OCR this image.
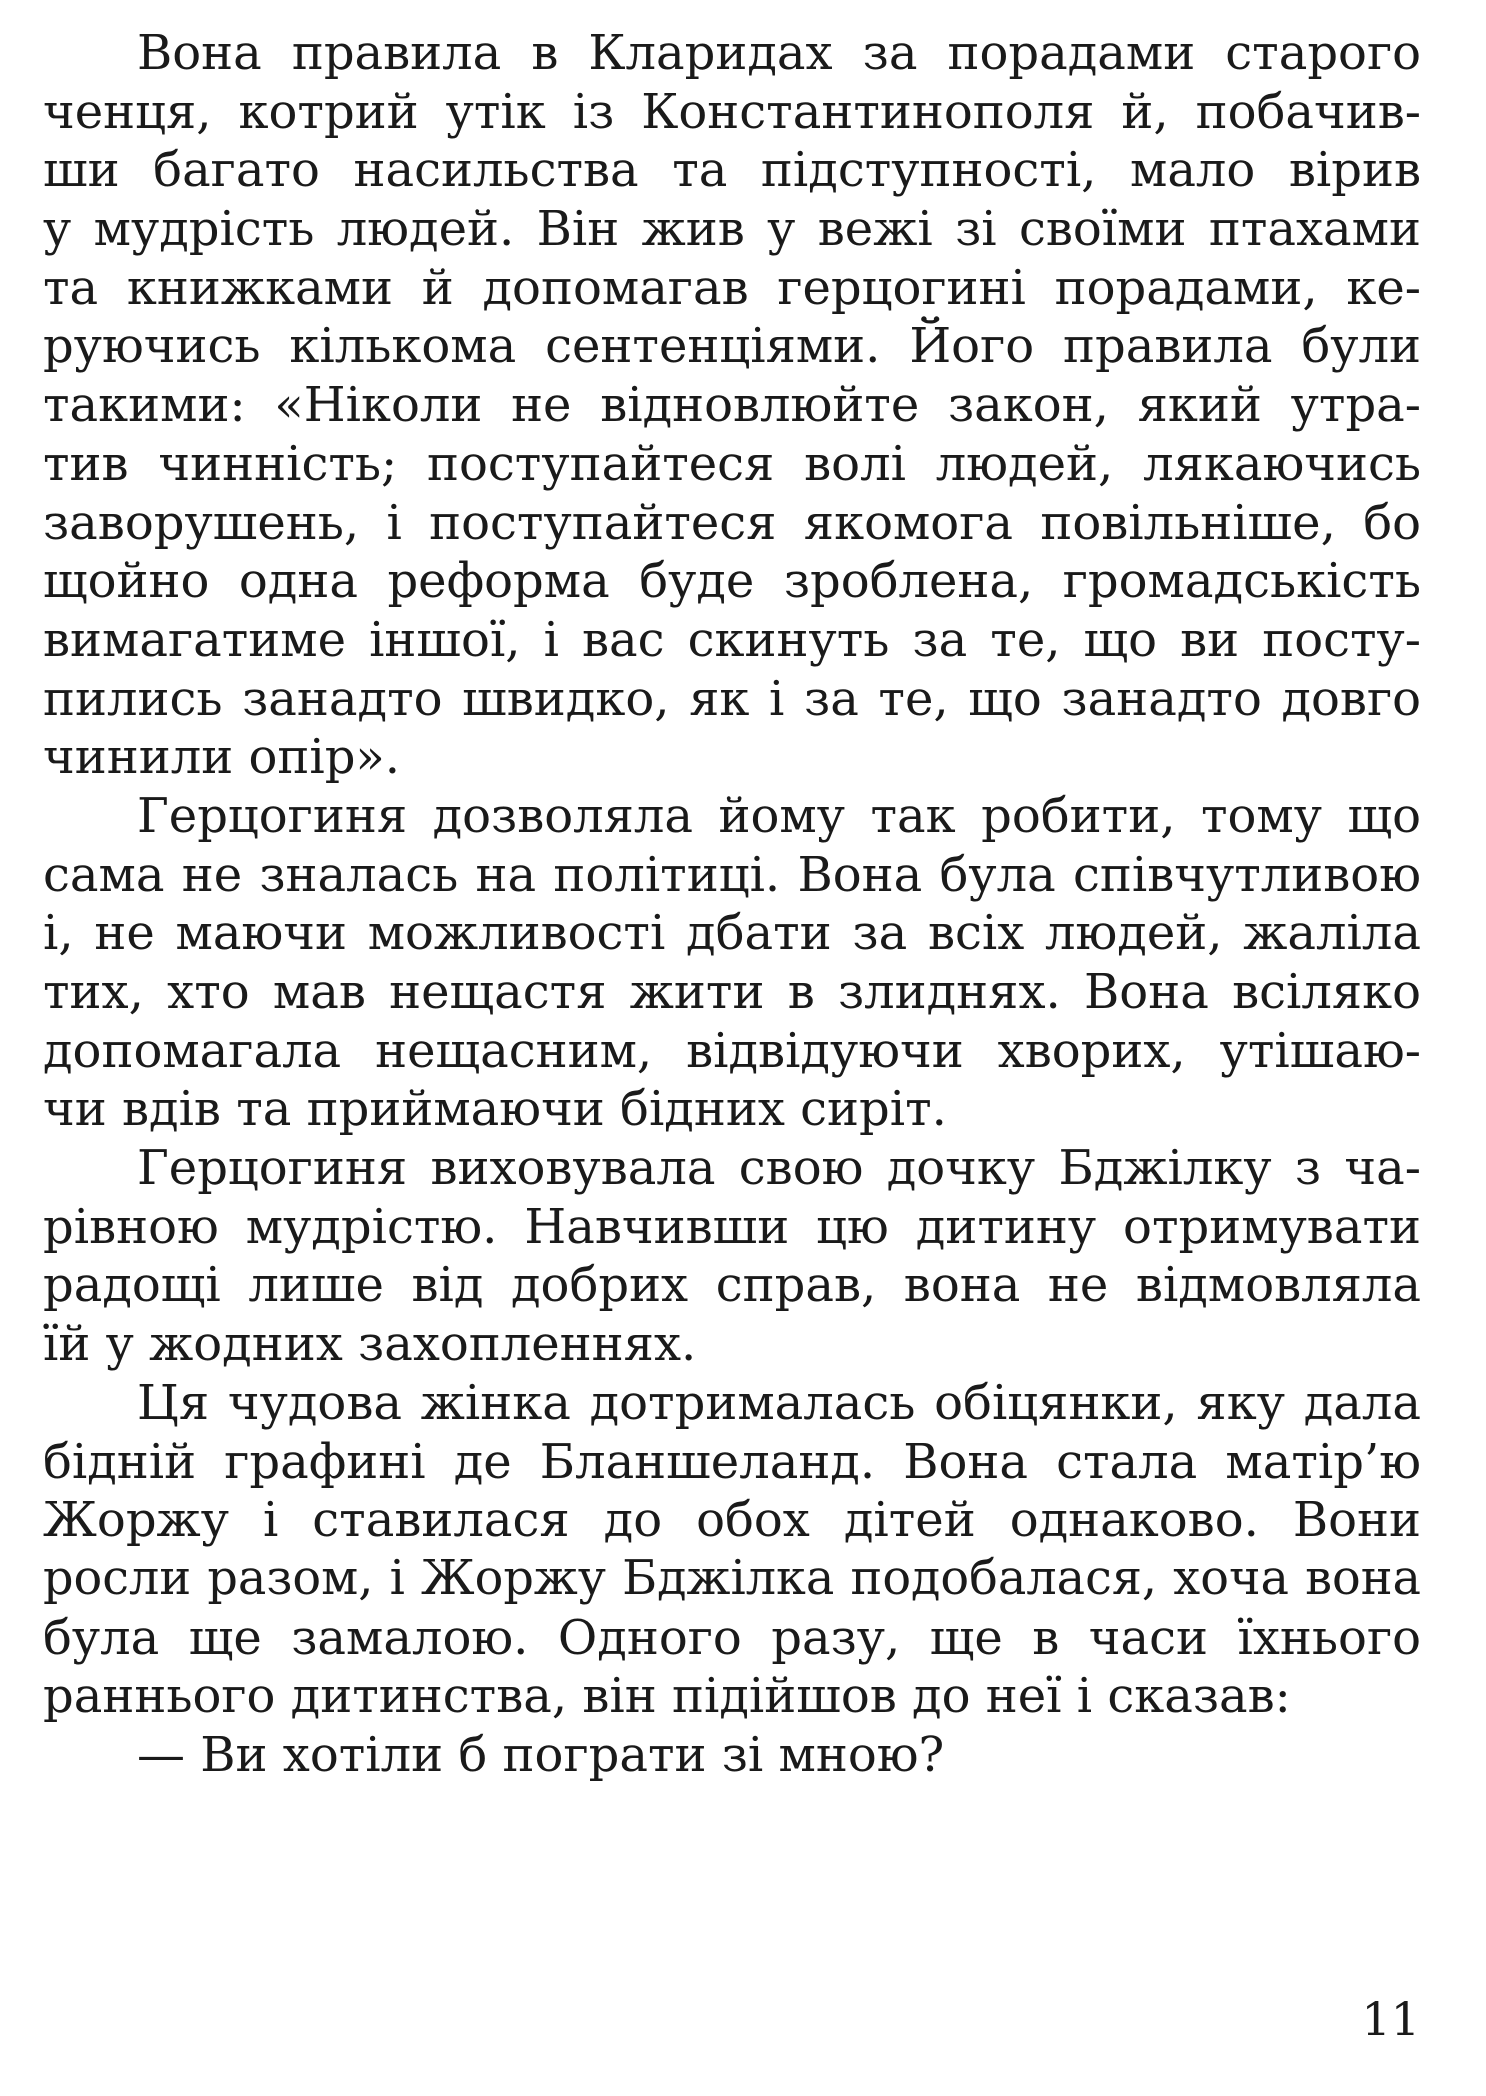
Вона правила в Кларидах за порадами старого
ченця, котрий утік із Константинополя й, побачив-
ши багато насильства та підступності, мало вірив
у мудрість людей. Він жив у вежі зі своїми птахами
та книжками й допомагав герцогині порадами, ке-
руючись кількома сентенціями. Його правила були
такими: «Ніколи не відновлюйте закон, який утра-
тив чинність; поступайтеся волі людей, лякаючись
заворушень, і поступайтеся якомога повільніше, бо
щойно одна реформа буде зроблена, громадськість
вимагатиме іншої, і вас скинуть за те, що ви посту-
пились занадто швидко, як і за те, що занадто довго
чинили опір».

Герцогиня дозволяла йому так робити, тому що
сама не зналась на політиці. Вона була співчутливою
і, не маючи можливості дбати за всіх людей, жаліла
тих, хто мав нещастя жити в злиднях. Вона всіляко
допомагала нещасним, відвідуючи хворих, утішаю-
чи вдів та приймаючи бідних сиріт.

Герцогиня виховувала свою дочку Бджілку з ча-
рівною мудрістю. Навчивши цю дитину отримувати
радощі лише від добрих справ, вона не відмовляла
їй у жодних захопленнях.

Ця чудова жінка дотрималась обіцянки, яку дала
бідній графині де Бланшеланд. Вона стала матір’ю
Жоржу і ставилася до обох дітей однаково. Вони
росли разом, і Жоржу Бджілка подобалася, хоча вона
була ще замалою. Одного разу, ще в часи їхнього
раннього дитинства, він підійшов до неї і сказав:

— Ви хотіли б пограти зі мною?

11
